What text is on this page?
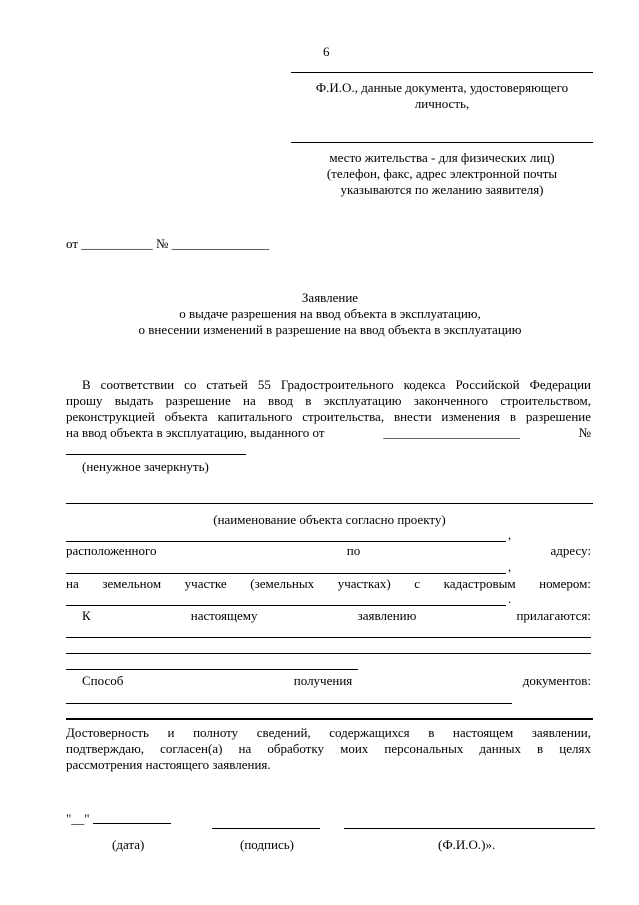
6
Ф.И.О., данные документа, удостоверяющего
личность,
место жительства - для физических лиц)
(телефон, факс, адрес электронной почты
указываются по желанию заявителя)
от ___________ № _______________
Заявление
о выдаче разрешения на ввод объекта в эксплуатацию,
о внесении изменений в разрешение на ввод объекта в эксплуатацию
В соответствии со статьей 55 Градостроительного кодекса Российской Федерации
прошу выдать разрешение на ввод в эксплуатацию законченного строительством,
реконструкцией объекта капитального строительства, внести изменения в разрешение
на ввод объекта в эксплуатацию, выданного от	_____________________	№
(ненужное зачеркнуть)
(наименование объекта согласно проекту)
,
расположенного	по	адресу:
,
на земельном участке (земельных участках) с кадастровым номером:
.
К	настоящему	заявлению	прилагаются:
Способ	получения	документов:
Достоверность и полноту сведений, содержащихся в настоящем заявлении,
подтверждаю, согласен(а) на обработку моих персональных данных в целях
рассмотрения настоящего заявления.
"__"
(дата)	(подпись)	(Ф.И.О.)».
